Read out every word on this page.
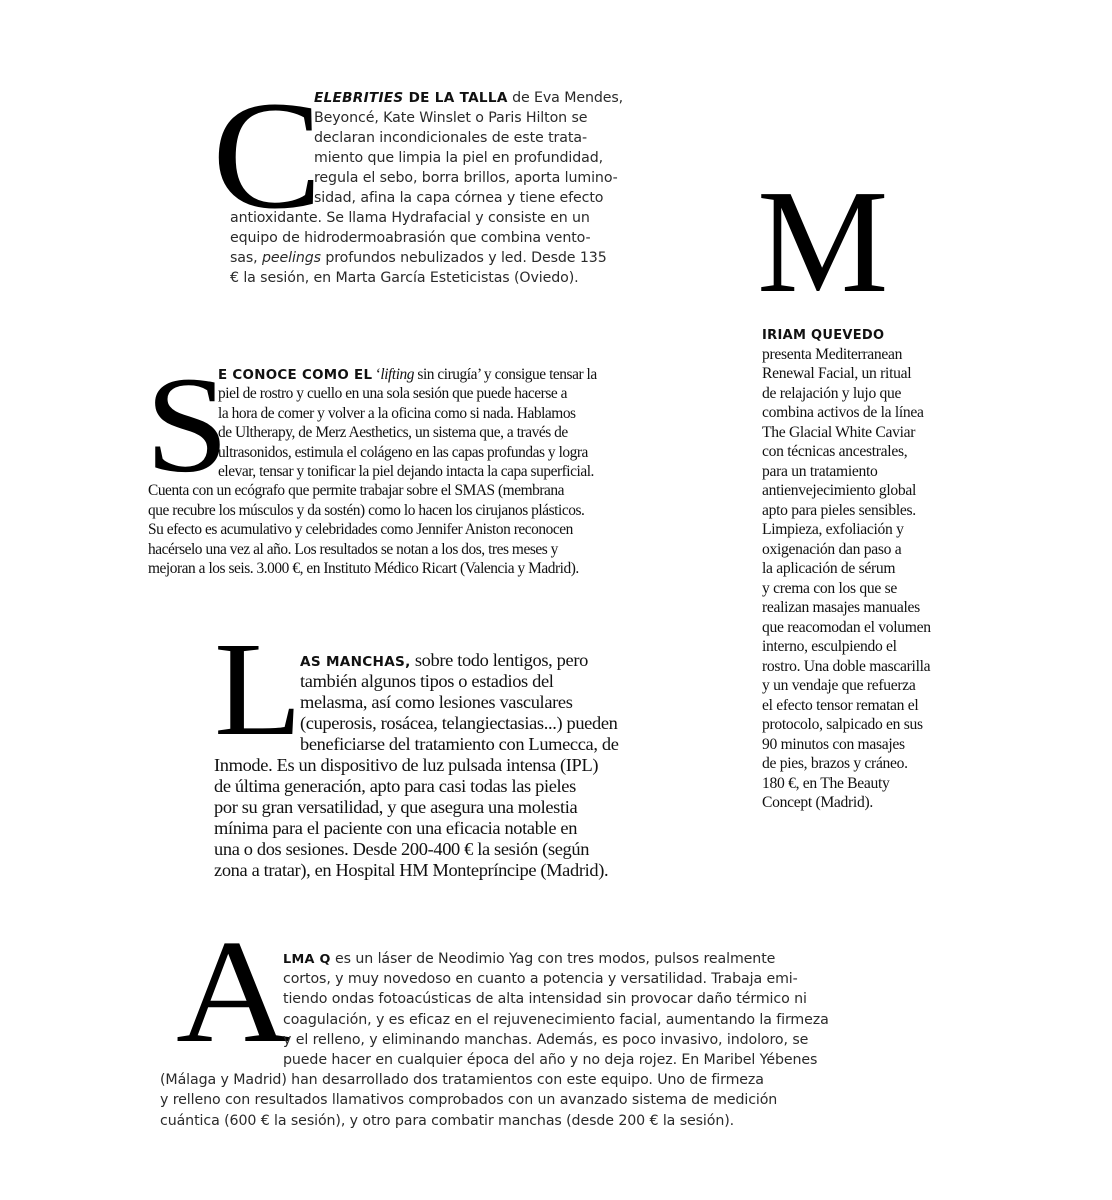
C
ELEBRITIES DE LA TALLA de Eva Mendes,
Beyoncé, Kate Winslet o Paris Hilton se
declaran incondicionales de este trata-
miento que limpia la piel en profundidad,
regula el sebo, borra brillos, aporta lumino-
sidad, afina la capa córnea y tiene efecto
antioxidante. Se llama Hydrafacial y consiste en un
equipo de hidrodermoabrasión que combina vento-
sas, peelings profundos nebulizados y led. Desde 135
€ la sesión, en Marta García Esteticistas (Oviedo).
S
E CONOCE COMO EL ‘lifting sin cirugía’ y consigue tensar la
piel de rostro y cuello en una sola sesión que puede hacerse a
la hora de comer y volver a la oficina como si nada. Hablamos
de Ultherapy, de Merz Aesthetics, un sistema que, a través de
ultrasonidos, estimula el colágeno en las capas profundas y logra
elevar, tensar y tonificar la piel dejando intacta la capa superficial.
Cuenta con un ecógrafo que permite trabajar sobre el SMAS (membrana
que recubre los músculos y da sostén) como lo hacen los cirujanos plásticos.
Su efecto es acumulativo y celebridades como Jennifer Aniston reconocen
hacérselo una vez al año. Los resultados se notan a los dos, tres meses y
mejoran a los seis. 3.000 €, en Instituto Médico Ricart (Valencia y Madrid).
L
AS MANCHAS, sobre todo lentigos, pero
también algunos tipos o estadios del
melasma, así como lesiones vasculares
(cuperosis, rosácea, telangiectasias...) pueden
beneficiarse del tratamiento con Lumecca, de
Inmode. Es un dispositivo de luz pulsada intensa (IPL)
de última generación, apto para casi todas las pieles
por su gran versatilidad, y que asegura una molestia
mínima para el paciente con una eficacia notable en
una o dos sesiones. Desde 200-400 € la sesión (según
zona a tratar), en Hospital HM Montepríncipe (Madrid).
M
IRIAM QUEVEDO
presenta Mediterranean
Renewal Facial, un ritual
de relajación y lujo que
combina activos de la línea
The Glacial White Caviar
con técnicas ancestrales,
para un tratamiento
antienvejecimiento global
apto para pieles sensibles.
Limpieza, exfoliación y
oxigenación dan paso a
la aplicación de sérum
y crema con los que se
realizan masajes manuales
que reacomodan el volumen
interno, esculpiendo el
rostro. Una doble mascarilla
y un vendaje que refuerza
el efecto tensor rematan el
protocolo, salpicado en sus
90 minutos con masajes
de pies, brazos y cráneo.
180 €, en The Beauty
Concept (Madrid).
A
LMA Q es un láser de Neodimio Yag con tres modos, pulsos realmente
cortos, y muy novedoso en cuanto a potencia y versatilidad. Trabaja emi-
tiendo ondas fotoacústicas de alta intensidad sin provocar daño térmico ni
coagulación, y es eficaz en el rejuvenecimiento facial, aumentando la firmeza
y el relleno, y eliminando manchas. Además, es poco invasivo, indoloro, se
puede hacer en cualquier época del año y no deja rojez. En Maribel Yébenes
(Málaga y Madrid) han desarrollado dos tratamientos con este equipo. Uno de firmeza
y relleno con resultados llamativos comprobados con un avanzado sistema de medición
cuántica (600 € la sesión), y otro para combatir manchas (desde 200 € la sesión).
